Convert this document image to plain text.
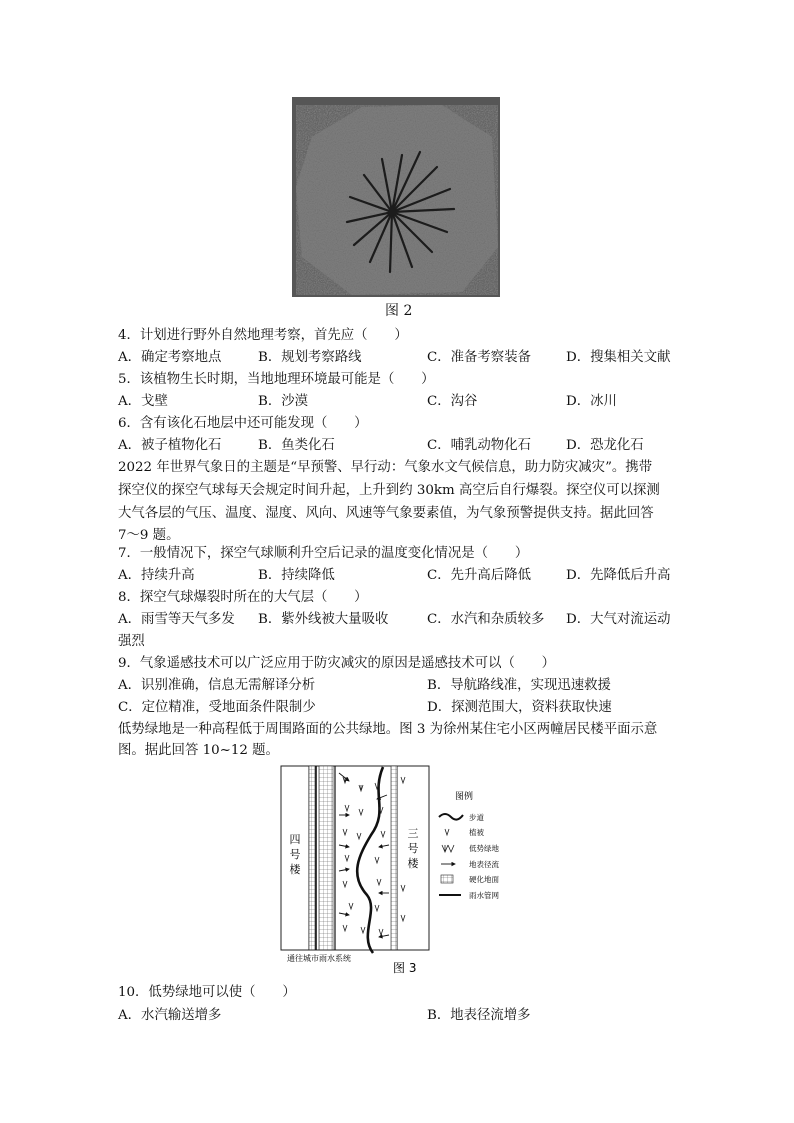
图 2
4．计划进行野外自然地理考察，首先应（　　）
A．确定考察地点	B．规划考察路线	C．准备考察装备	D．搜集相关文献
5．该植物生长时期，当地地理环境最可能是（　　）
A．戈壁	B．沙漠	C．沟谷	D．冰川
6．含有该化石地层中还可能发现（　　）
A．被子植物化石	B．鱼类化石	C．哺乳动物化石	D．恐龙化石
2022 年世界气象日的主题是“早预警、早行动：气象水文气候信息，助力防灾减灾”。携带
探空仪的探空气球每天会规定时间升起，上升到约 30km 高空后自行爆裂。探空仪可以探测
大气各层的气压、温度、湿度、风向、风速等气象要素值，为气象预警提供支持。据此回答
7～9 题。
7．一般情况下，探空气球顺利升空后记录的温度变化情况是（　　）
A．持续升高	B．持续降低	C．先升高后降低	D．先降低后升高
8．探空气球爆裂时所在的大气层（　　）
A．雨雪等天气多发 B．紫外线被大量吸收	C．水汽和杂质较多 D．大气对流运动
强烈
9．气象遥感技术可以广泛应用于防灾减灾的原因是遥感技术可以（　　）
A．识别准确，信息无需解译分析	B．导航路线准，实现迅速救援
C．定位精准，受地面条件限制少	D．探测范围大，资料获取快速
低势绿地是一种高程低于周围路面的公共绿地。图 3 为徐州某住宅小区两幢居民楼平面示意
图。据此回答 10~12 题。
四
号
楼
三
号
楼
通往城市雨水系统
图例
步道
植被
低势绿地
地表径流
硬化地面
雨水管网
图 3
10．低势绿地可以使（　　）
A．水汽输送增多	B．地表径流增多
